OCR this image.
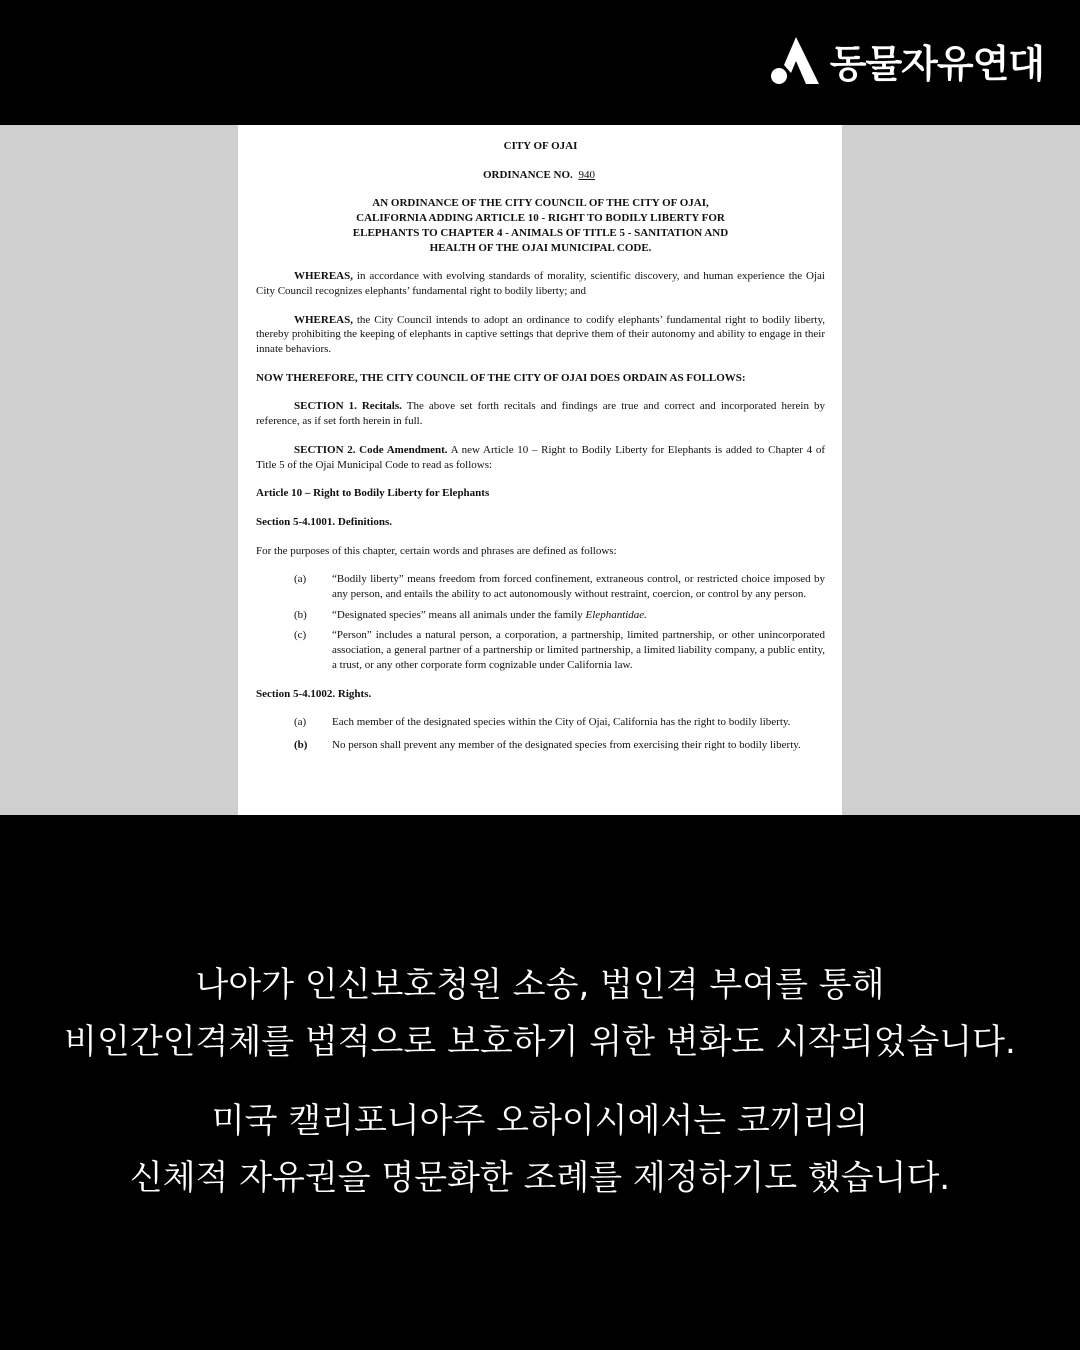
동물자유연대
CITY OF OJAI
ORDINANCE NO. 940
AN ORDINANCE OF THE CITY COUNCIL OF THE CITY OF OJAI, CALIFORNIA ADDING ARTICLE 10 - RIGHT TO BODILY LIBERTY FOR ELEPHANTS TO CHAPTER 4 - ANIMALS OF TITLE 5 - SANITATION AND HEALTH OF THE OJAI MUNICIPAL CODE.

WHEREAS, in accordance with evolving standards of morality, scientific discovery, and human experience the Ojai City Council recognizes elephants’ fundamental right to bodily liberty; and

WHEREAS, the City Council intends to adopt an ordinance to codify elephants’ fundamental right to bodily liberty, thereby prohibiting the keeping of elephants in captive settings that deprive them of their autonomy and ability to engage in their innate behaviors.

NOW THEREFORE, THE CITY COUNCIL OF THE CITY OF OJAI DOES ORDAIN AS FOLLOWS:

SECTION 1. Recitals. The above set forth recitals and findings are true and correct and incorporated herein by reference, as if set forth herein in full.

SECTION 2. Code Amendment. A new Article 10 – Right to Bodily Liberty for Elephants is added to Chapter 4 of Title 5 of the Ojai Municipal Code to read as follows:

Article 10 – Right to Bodily Liberty for Elephants
Section 5-4.1001. Definitions.

For the purposes of this chapter, certain words and phrases are defined as follows:

(a)	“Bodily liberty” means freedom from forced confinement, extraneous control, or restricted choice imposed by any person, and entails the ability to act autonomously without restraint, coercion, or control by any person.
(b)	“Designated species” means all animals under the family Elephantidae.
(c)	“Person” includes a natural person, a corporation, a partnership, limited partnership, or other unincorporated association, a general partner of a partnership or limited partnership, a limited liability company, a public entity, a trust, or any other corporate form cognizable under California law.
Section 5-4.1002. Rights.
(a)	Each member of the designated species within the City of Ojai, California has the right to bodily liberty.
(b)	No person shall prevent any member of the designated species from exercising their right to bodily liberty.
나아가 인신보호청원 소송, 법인격 부여를 통해
비인간인격체를 법적으로 보호하기 위한 변화도 시작되었습니다.
미국 캘리포니아주 오하이시에서는 코끼리의
신체적 자유권을 명문화한 조례를 제정하기도 했습니다.
